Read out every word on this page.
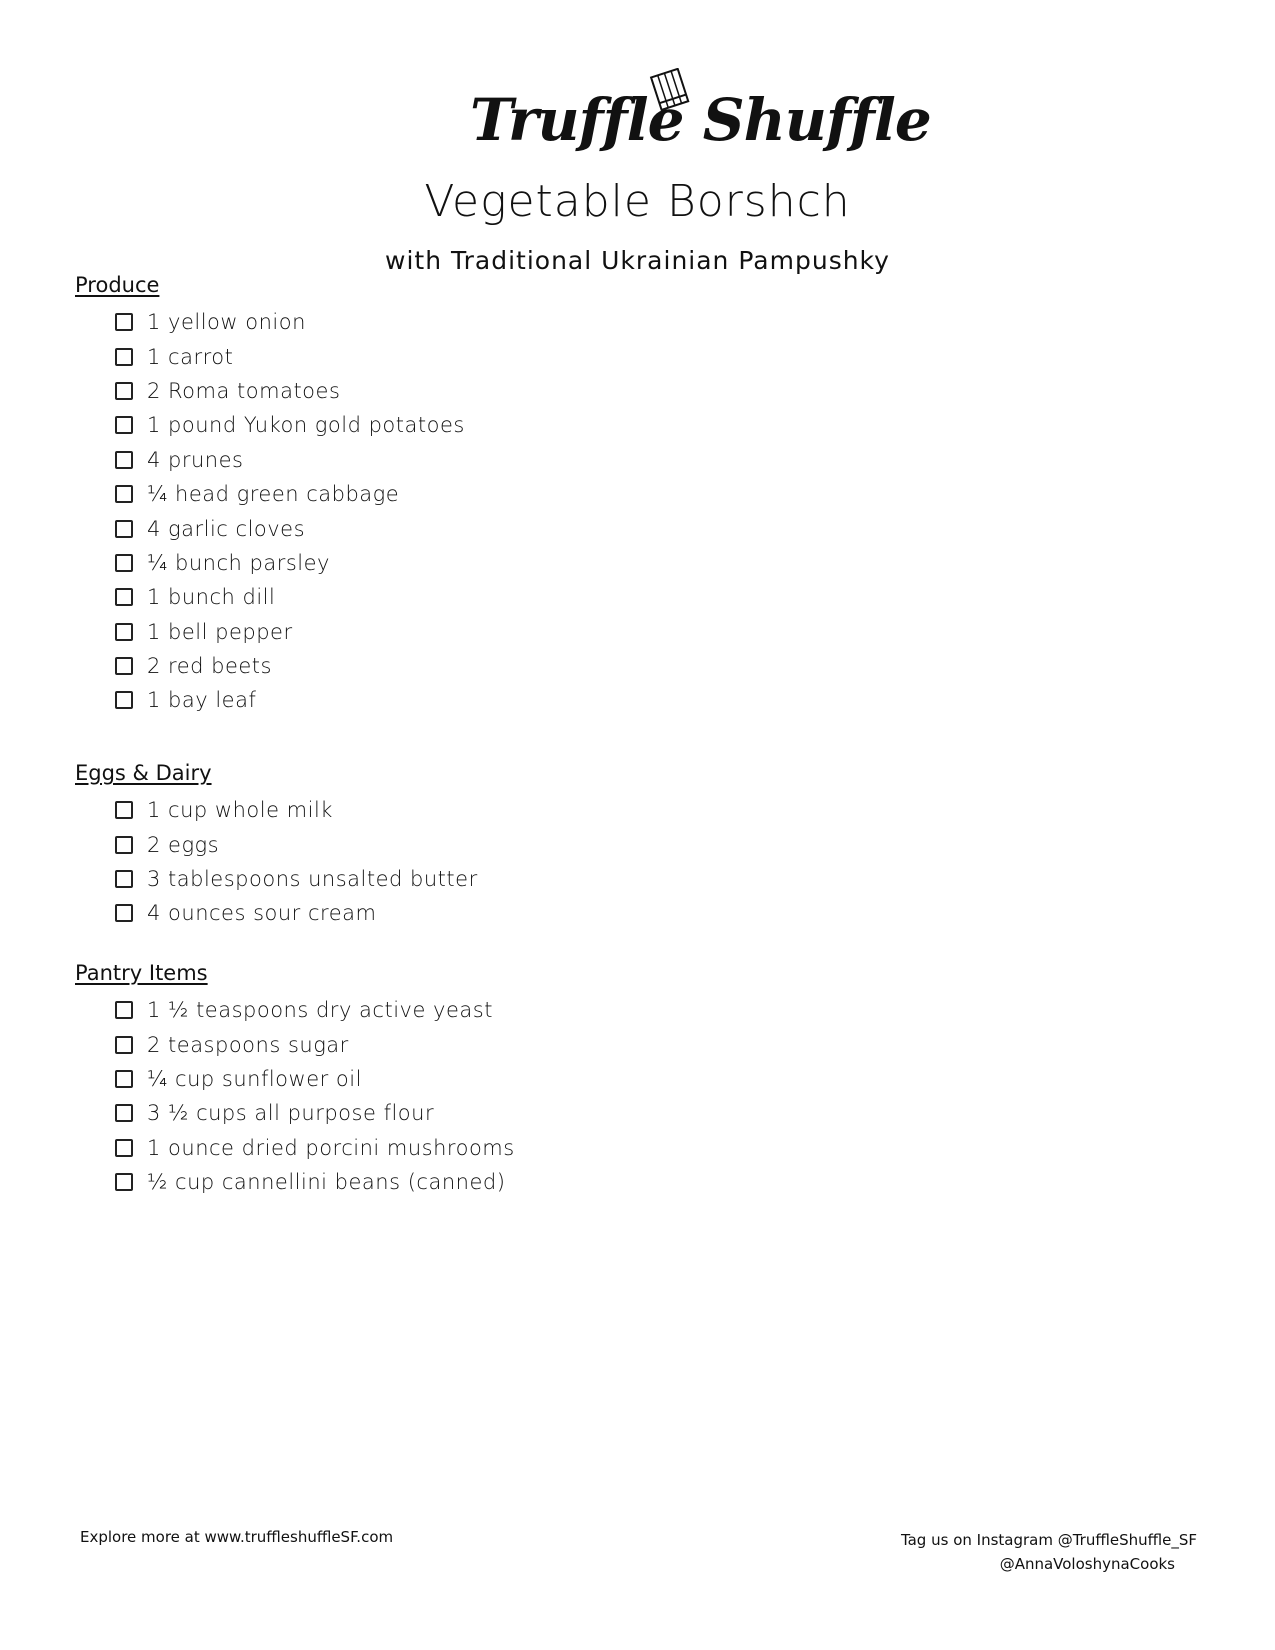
Truffle Shuffle
Vegetable Borshch
with Traditional Ukrainian Pampushky
Produce
1 yellow onion
1 carrot
2 Roma tomatoes
1 pound Yukon gold potatoes
4 prunes
¼ head green cabbage
4 garlic cloves
¼ bunch parsley
1 bunch dill
1 bell pepper
2 red beets
1 bay leaf
Eggs & Dairy
1 cup whole milk
2 eggs
3 tablespoons unsalted butter
4 ounces sour cream
Pantry Items
1 ½ teaspoons dry active yeast
2 teaspoons sugar
¼ cup sunflower oil
3 ½ cups all purpose flour
1 ounce dried porcini mushrooms
½ cup cannellini beans (canned)
Explore more at www.truffleshuffleSF.com	Tag us on Instagram @TruffleShuffle_SF
@AnnaVoloshynaCooks
